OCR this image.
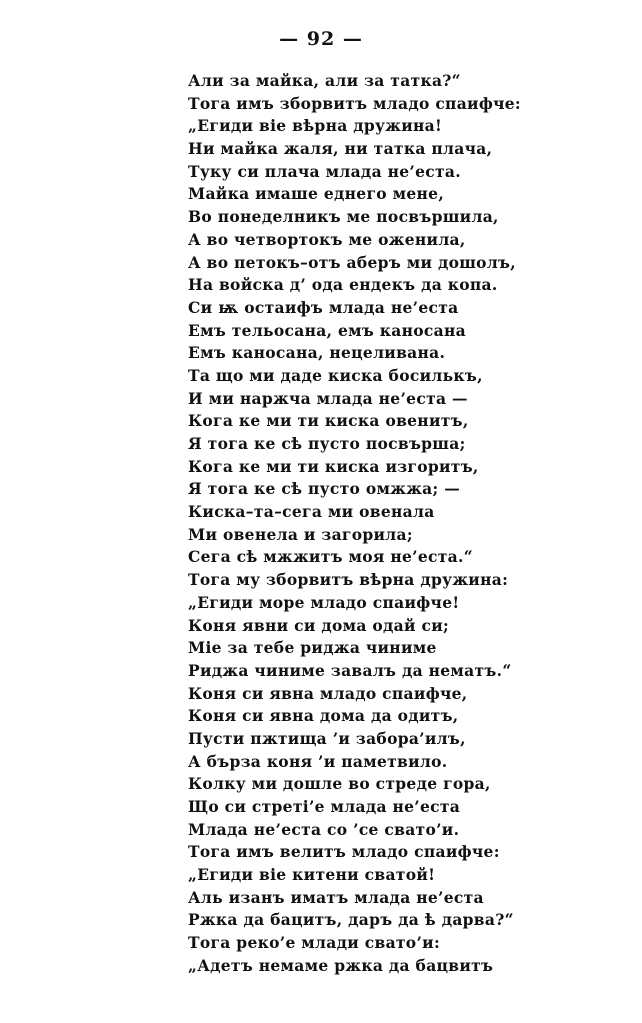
— 92 —
Али за майка, али за татка?“
Тога имъ зборвитъ младо спаифче:
„Егиди віе вѣрна дружина!
Ни майка жаля, ни татка плача,
Туку си плача млада не’еста.
Майка имаше еднего мене,
Во понеделникъ ме посвършила,
А во четвортокъ ме оженила,
А во петокъ–отъ аберъ ми дошолъ,
На войска д’ ода ендекъ да копа.
Си ѭ остаифъ млада не’еста
Емъ тельосана, емъ каносана
Емъ каносана, нецеливана.
Та що ми даде киска босилькъ,
И ми наржча млада не’еста —
Кога ке ми ти киска овенитъ,
Я тога ке сѣ пусто посвърша;
Кога ке ми ти киска изгоритъ,
Я тога ке сѣ пусто омжжа; —
Киска–та–сега ми овенала
Ми овенела и загорила;
Сега сѣ мжжитъ моя не’еста.“
Тога му зборвитъ вѣрна дружина:
„Егиди море младо спаифче!
Коня явни си дома одай си;
Міе за тебе риджа чиниме
Риджа чиниме завалъ да нематъ.“
Коня си явна младо спаифче,
Коня си явна дома да одитъ,
Пусти пжтища ’и забора’илъ,
А бързa коня ’и паметвило.
Колку ми дошле во стреде гора,
Що си стреті’е млада не’еста
Млада не’еста со ’се свато’и.
Тога имъ велитъ младо спаифче:
„Егиди віе китени сватой!
Аль изанъ иматъ млада не’еста
Ржка да бацитъ, даръ да ѣ дарва?“
Тога реко’е млади свато’и:
„Адетъ немаме ржка да бацвитъ
